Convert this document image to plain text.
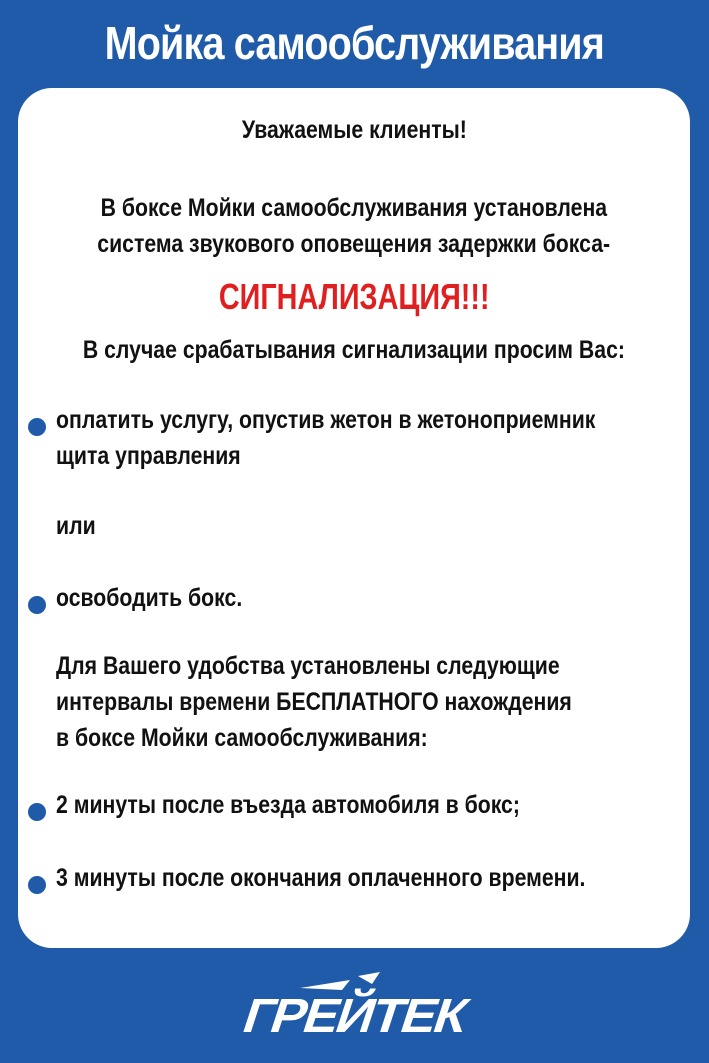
Мойка самообслуживания
Уважаемые клиенты!
В боксе Мойки самообслуживания установлена
система звукового оповещения задержки бокса-
СИГНАЛИЗАЦИЯ!!!
В случае срабатывания сигнализации просим Вас:
оплатить услугу, опустив жетон в жетоноприемник
щита управления
или
освободить бокс.
Для Вашего удобства установлены следующие
интервалы времени БЕСПЛАТНОГО нахождения
в боксе Мойки самообслуживания:
2 минуты после въезда автомобиля в бокс;
3 минуты после окончания оплаченного времени.
ГРЕЙТЕК
